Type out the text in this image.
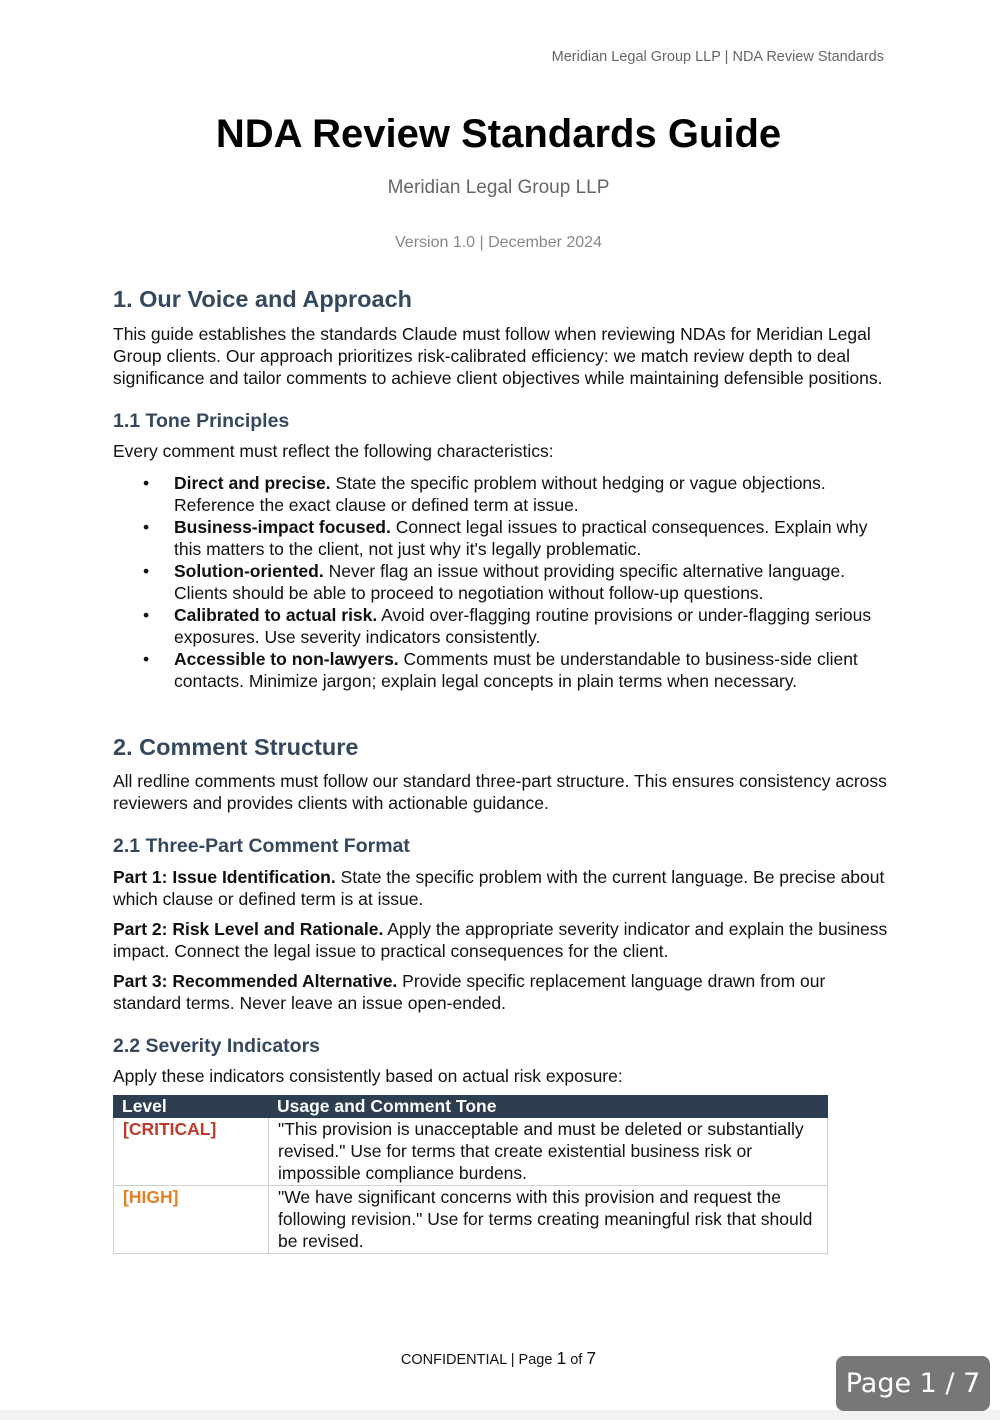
Meridian Legal Group LLP | NDA Review Standards
NDA Review Standards Guide
Meridian Legal Group LLP
Version 1.0 | December 2024
1. Our Voice and Approach

This guide establishes the standards Claude must follow when reviewing NDAs for Meridian Legal Group clients. Our approach prioritizes risk-calibrated efficiency: we match review depth to deal significance and tailor comments to achieve client objectives while maintaining defensible positions.

1.1 Tone Principles

Every comment must reflect the following characteristics:

• Direct and precise. State the specific problem without hedging or vague objections. Reference the exact clause or defined term at issue.
• Business-impact focused. Connect legal issues to practical consequences. Explain why this matters to the client, not just why it's legally problematic.
• Solution-oriented. Never flag an issue without providing specific alternative language. Clients should be able to proceed to negotiation without follow-up questions.
• Calibrated to actual risk. Avoid over-flagging routine provisions or under-flagging serious exposures. Use severity indicators consistently.
• Accessible to non-lawyers. Comments must be understandable to business-side client contacts. Minimize jargon; explain legal concepts in plain terms when necessary.
2. Comment Structure

All redline comments must follow our standard three-part structure. This ensures consistency across reviewers and provides clients with actionable guidance.

2.1 Three-Part Comment Format

Part 1: Issue Identification. State the specific problem with the current language. Be precise about which clause or defined term is at issue.

Part 2: Risk Level and Rationale. Apply the appropriate severity indicator and explain the business impact. Connect the legal issue to practical consequences for the client.

Part 3: Recommended Alternative. Provide specific replacement language drawn from our standard terms. Never leave an issue open-ended.

2.2 Severity Indicators

Apply these indicators consistently based on actual risk exposure:

Level	Usage and Comment Tone
[CRITICAL]	"This provision is unacceptable and must be deleted or substantially revised." Use for terms that create existential business risk or impossible compliance burdens.
[HIGH]	"We have significant concerns with this provision and request the following revision." Use for terms creating meaningful risk that should be revised.
CONFIDENTIAL | Page 1 of 7
Page 1 / 7
